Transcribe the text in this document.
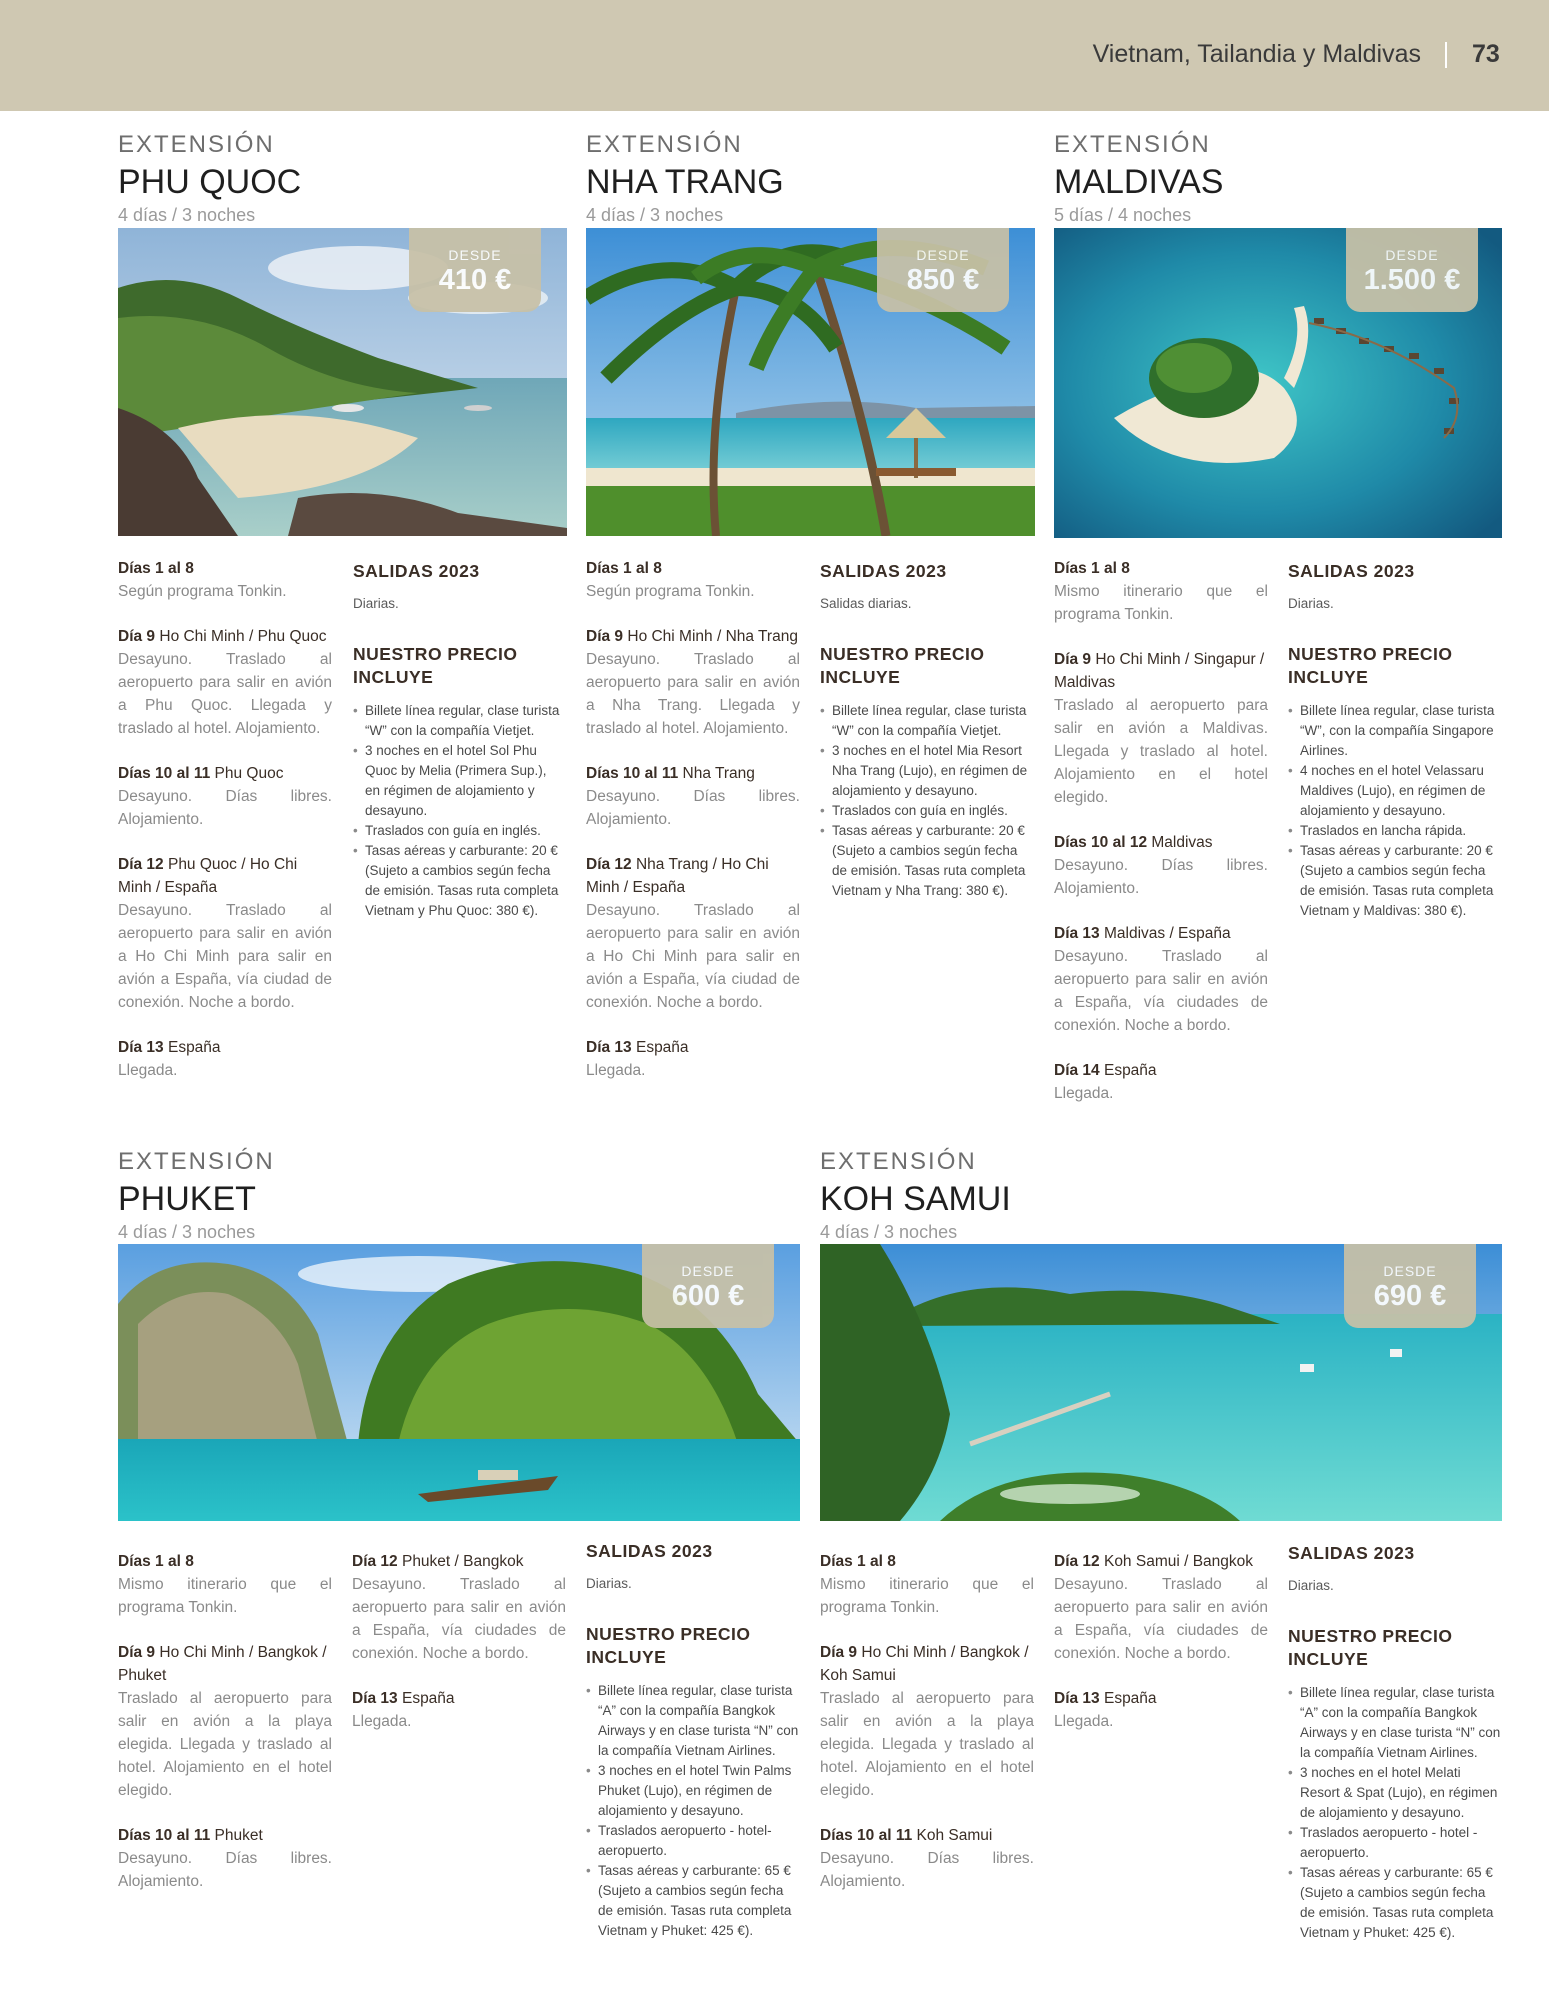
Vietnam, Tailandia y Maldivas 73
EXTENSIÓN
PHU QUOC
4 días / 3 noches
DESDE
410 €
Días 1 al 8
Según programa Tonkin.
Día 9 Ho Chi Minh / Phu Quoc
Desayuno. Traslado al aeropuerto para salir en avión a Phu Quoc. Llegada y traslado al hotel. Alojamiento.
Días 10 al 11 Phu Quoc
Desayuno. Días libres. Alojamiento.
Día 12 Phu Quoc / Ho Chi Minh / España
Desayuno. Traslado al aeropuerto para salir en avión a Ho Chi Minh para salir en avión a España, vía ciudad de conexión. Noche a bordo.
Día 13 España
Llegada.
SALIDAS 2023
Diarias.
NUESTRO PRECIO INCLUYE
• Billete línea regular, clase turista “W” con la compañía Vietjet.
• 3 noches en el hotel Sol Phu Quoc by Melia (Primera Sup.), en régimen de alojamiento y desayuno.
• Traslados con guía en inglés.
• Tasas aéreas y carburante: 20 € (Sujeto a cambios según fecha de emisión. Tasas ruta completa Vietnam y Phu Quoc: 380 €).
EXTENSIÓN
NHA TRANG
4 días / 3 noches
DESDE
850 €
Días 1 al 8
Según programa Tonkin.
Día 9 Ho Chi Minh / Nha Trang
Desayuno. Traslado al aeropuerto para salir en avión a Nha Trang. Llegada y traslado al hotel. Alojamiento.
Días 10 al 11 Nha Trang
Desayuno. Días libres. Alojamiento.
Día 12 Nha Trang / Ho Chi Minh / España
Desayuno. Traslado al aeropuerto para salir en avión a Ho Chi Minh para salir en avión a España, vía ciudad de conexión. Noche a bordo.
Día 13 España
Llegada.
SALIDAS 2023
Salidas diarias.
NUESTRO PRECIO INCLUYE
• Billete línea regular, clase turista “W” con la compañía Vietjet.
• 3 noches en el hotel Mia Resort Nha Trang (Lujo), en régimen de alojamiento y desayuno.
• Traslados con guía en inglés.
• Tasas aéreas y carburante: 20 € (Sujeto a cambios según fecha de emisión. Tasas ruta completa Vietnam y Nha Trang: 380 €).
EXTENSIÓN
MALDIVAS
5 días / 4 noches
DESDE
1.500 €
Días 1 al 8
Mismo itinerario que el programa Tonkin.
Día 9 Ho Chi Minh / Singapur / Maldivas
Traslado al aeropuerto para salir en avión a Maldivas. Llegada y traslado al hotel. Alojamiento en el hotel elegido.
Días 10 al 12 Maldivas
Desayuno. Días libres. Alojamiento.
Día 13 Maldivas / España
Desayuno. Traslado al aeropuerto para salir en avión a España, vía ciudades de conexión. Noche a bordo.
Día 14 España
Llegada.
SALIDAS 2023
Diarias.
NUESTRO PRECIO INCLUYE
• Billete línea regular, clase turista “W”, con la compañía Singapore Airlines.
• 4 noches en el hotel Velassaru Maldives (Lujo), en régimen de alojamiento y desayuno.
• Traslados en lancha rápida.
• Tasas aéreas y carburante: 20 € (Sujeto a cambios según fecha de emisión. Tasas ruta completa Vietnam y Maldivas: 380 €).
EXTENSIÓN
PHUKET
4 días / 3 noches
DESDE
600 €
Días 1 al 8
Mismo itinerario que el programa Tonkin.
Día 9 Ho Chi Minh / Bangkok / Phuket
Traslado al aeropuerto para salir en avión a la playa elegida. Llegada y traslado al hotel. Alojamiento en el hotel elegido.
Días 10 al 11 Phuket
Desayuno. Días libres. Alojamiento.
Día 12 Phuket / Bangkok
Desayuno. Traslado al aeropuerto para salir en avión a España, vía ciudades de conexión. Noche a bordo.
Día 13 España
Llegada.
SALIDAS 2023
Diarias.
NUESTRO PRECIO INCLUYE
• Billete línea regular, clase turista “A” con la compañía Bangkok Airways y en clase turista “N” con la compañía Vietnam Airlines.
• 3 noches en el hotel Twin Palms Phuket (Lujo), en régimen de alojamiento y desayuno.
• Traslados aeropuerto - hotel-aeropuerto.
• Tasas aéreas y carburante: 65 € (Sujeto a cambios según fecha de emisión. Tasas ruta completa Vietnam y Phuket: 425 €).
EXTENSIÓN
KOH SAMUI
4 días / 3 noches
DESDE
690 €
Días 1 al 8
Mismo itinerario que el programa Tonkin.
Día 9 Ho Chi Minh / Bangkok / Koh Samui
Traslado al aeropuerto para salir en avión a la playa elegida. Llegada y traslado al hotel. Alojamiento en el hotel elegido.
Días 10 al 11 Koh Samui
Desayuno. Días libres. Alojamiento.
Día 12 Koh Samui / Bangkok
Desayuno. Traslado al aeropuerto para salir en avión a España, vía ciudades de conexión. Noche a bordo.
Día 13 España
Llegada.
SALIDAS 2023
Diarias.
NUESTRO PRECIO INCLUYE
• Billete línea regular, clase turista “A” con la compañía Bangkok Airways y en clase turista “N” con la compañía Vietnam Airlines.
• 3 noches en el hotel Melati Resort & Spat (Lujo), en régimen de alojamiento y desayuno.
• Traslados aeropuerto - hotel - aeropuerto.
• Tasas aéreas y carburante: 65 € (Sujeto a cambios según fecha de emisión. Tasas ruta completa Vietnam y Phuket: 425 €).
